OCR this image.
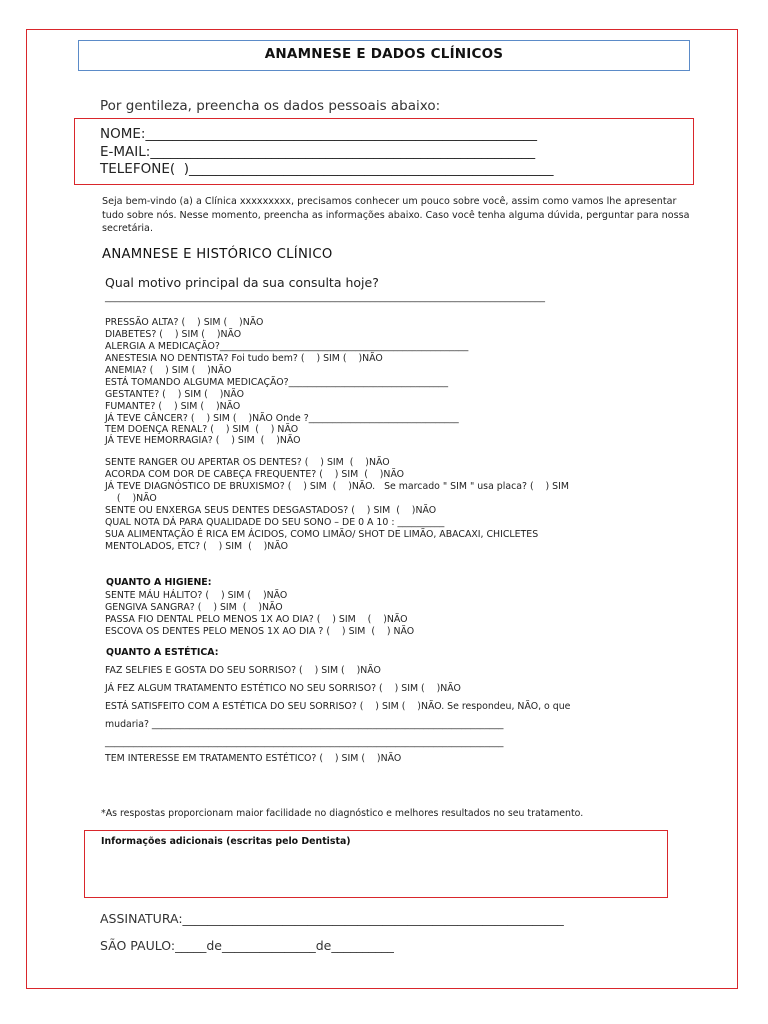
ANAMNESE E DADOS CLÍNICOS
Por gentileza, preencha os dados pessoais abaixo:
NOME:__________________________________________________________
E-MAIL:_________________________________________________________
TELEFONE(  )______________________________________________________
Seja bem-vindo (a) a Clínica xxxxxxxxx, precisamos conhecer um pouco sobre você, assim como vamos lhe apresentar tudo sobre nós. Nesse momento, preencha as informações abaixo. Caso você tenha alguma dúvida, perguntar para nossa secretária.
ANAMNESE E HISTÓRICO CLÍNICO
Qual motivo principal da sua consulta hoje?
________________________________________________________________________________________
PRESSÃO ALTA? (    ) SIM (    )NÃO
DIABETES? (    ) SIM (    )NÃO
ALERGIA A MEDICAÇÃO?_____________________________________________________
ANESTESIA NO DENTISTA? Foi tudo bem? (    ) SIM (    )NÃO
ANEMIA? (    ) SIM (    )NÃO
ESTÁ TOMANDO ALGUMA MEDICAÇÃO?__________________________________
GESTANTE? (    ) SIM (    )NÃO
FUMANTE? (    ) SIM (    )NÃO
JÁ TEVE CÂNCER? (    ) SIM (    )NÃO Onde ?________________________________
TEM DOENÇA RENAL? (    ) SIM  (    ) NÃO
JÁ TEVE HEMORRAGIA? (    ) SIM  (    )NÃO
SENTE RANGER OU APERTAR OS DENTES? (    ) SIM  (    )NÃO
ACORDA COM DOR DE CABEÇA FREQUENTE? (    ) SIM  (    )NÃO
JÁ TEVE DIAGNÓSTICO DE BRUXISMO? (    ) SIM  (    )NÃO.   Se marcado " SIM " usa placa? (    ) SIM
(    )NÃO
SENTE OU ENXERGA SEUS DENTES DESGASTADOS? (    ) SIM  (    )NÃO
QUAL NOTA DÁ PARA QUALIDADE DO SEU SONO – DE 0 A 10 : __________
SUA ALIMENTAÇÃO É RICA EM ÁCIDOS, COMO LIMÃO/ SHOT DE LIMÃO, ABACAXI, CHICLETES
MENTOLADOS, ETC? (    ) SIM  (    )NÃO
QUANTO A HIGIENE:
SENTE MÁU HÁLITO? (    ) SIM (    )NÃO
GENGIVA SANGRA? (    ) SIM  (    )NÃO
PASSA FIO DENTAL PELO MENOS 1X AO DIA? (    ) SIM    (    )NÃO
ESCOVA OS DENTES PELO MENOS 1X AO DIA ? (    ) SIM  (    ) NÃO
QUANTO A ESTÉTICA:
FAZ SELFIES E GOSTA DO SEU SORRISO? (    ) SIM (    )NÃO
JÁ FEZ ALGUM TRATAMENTO ESTÉTICO NO SEU SORRISO? (    ) SIM (    )NÃO
ESTÁ SATISFEITO COM A ESTÉTICA DO SEU SORRISO? (    ) SIM (    )NÃO. Se respondeu, NÃO, o que
mudaria? ___________________________________________________________________________
_____________________________________________________________________________________
TEM INTERESSE EM TRATAMENTO ESTÉTICO? (    ) SIM (    )NÃO
*As respostas proporcionam maior facilidade no diagnóstico e melhores resultados no seu tratamento.
Informações adicionais (escritas pelo Dentista)
ASSINATURA:_____________________________________________________________
SÃO PAULO:_____de_______________de__________
